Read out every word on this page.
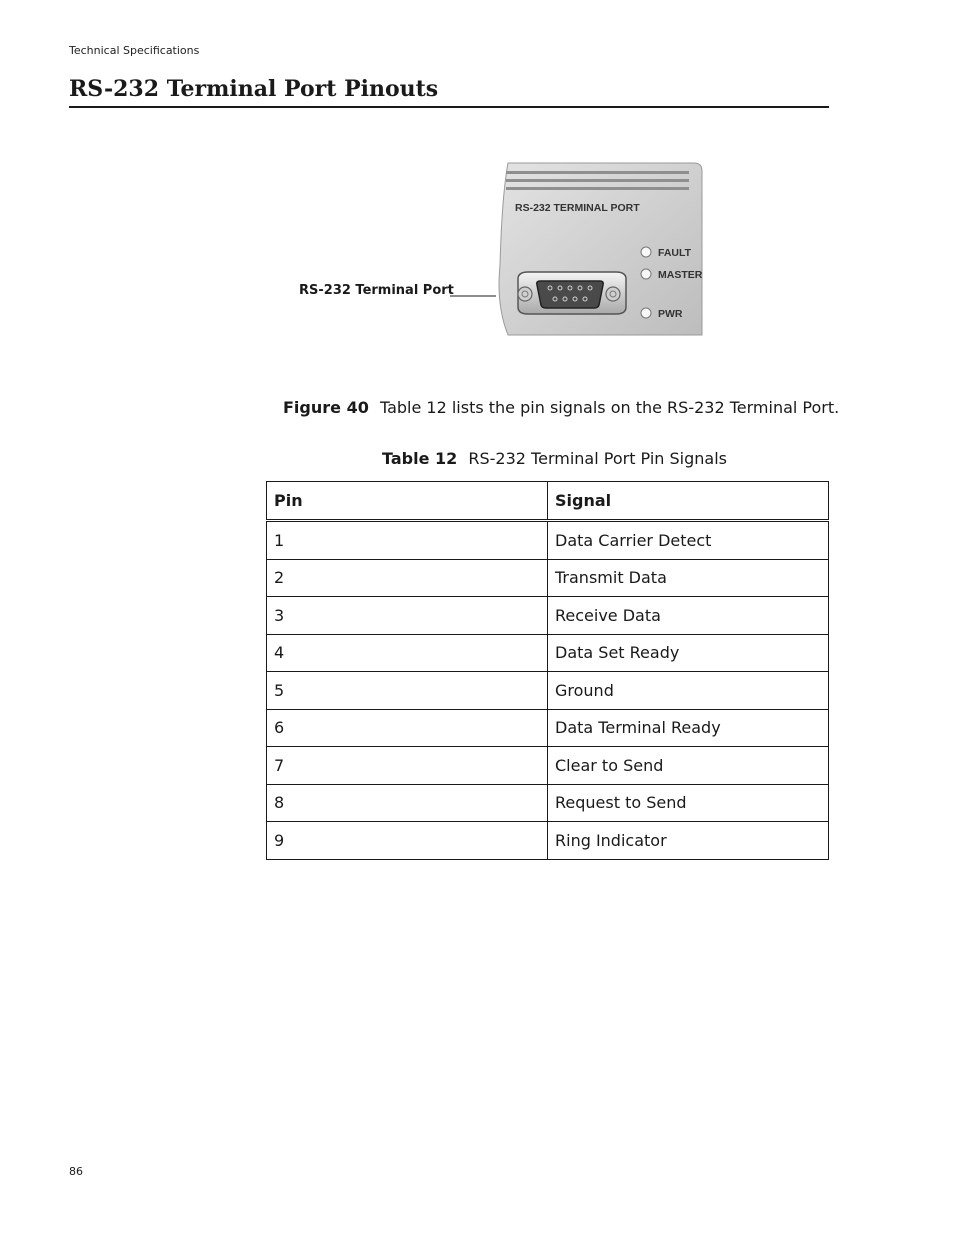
Technical Specifications
RS-232 Terminal Port Pinouts
RS-232 Terminal Port
RS-232 TERMINAL PORT
FAULT
MASTER
PWR
Figure 40 Table 12 lists the pin signals on the RS-232 Terminal Port.
Table 12 RS-232 Terminal Port Pin Signals
Pin	Signal
1	Data Carrier Detect
2	Transmit Data
3	Receive Data
4	Data Set Ready
5	Ground
6	Data Terminal Ready
7	Clear to Send
8	Request to Send
9	Ring Indicator
86
